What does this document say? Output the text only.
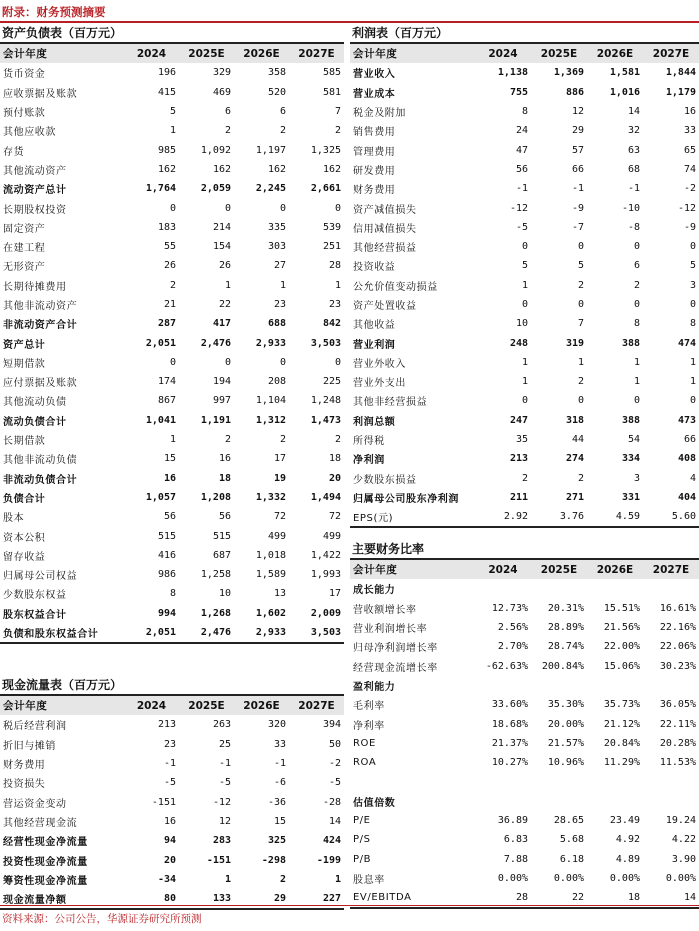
附录：财务预测摘要
资产负债表（百万元）
会计年度	2024	2025E	2026E	2027E
货币资金	196	329	358	585
应收票据及账款	415	469	520	581
预付账款	5	6	6	7
其他应收款	1	2	2	2
存货	985	1,092	1,197	1,325
其他流动资产	162	162	162	162
流动资产总计	1,764	2,059	2,245	2,661
长期股权投资	0	0	0	0
固定资产	183	214	335	539
在建工程	55	154	303	251
无形资产	26	26	27	28
长期待摊费用	2	1	1	1
其他非流动资产	21	22	23	23
非流动资产合计	287	417	688	842
资产总计	2,051	2,476	2,933	3,503
短期借款	0	0	0	0
应付票据及账款	174	194	208	225
其他流动负债	867	997	1,104	1,248
流动负债合计	1,041	1,191	1,312	1,473
长期借款	1	2	2	2
其他非流动负债	15	16	17	18
非流动负债合计	16	18	19	20
负债合计	1,057	1,208	1,332	1,494
股本	56	56	72	72
资本公积	515	515	499	499
留存收益	416	687	1,018	1,422
归属母公司权益	986	1,258	1,589	1,993
少数股东权益	8	10	13	17
股东权益合计	994	1,268	1,602	2,009
负债和股东权益合计	2,051	2,476	2,933	3,503
利润表（百万元）
会计年度	2024	2025E	2026E	2027E
营业收入	1,138	1,369	1,581	1,844
营业成本	755	886	1,016	1,179
税金及附加	8	12	14	16
销售费用	24	29	32	33
管理费用	47	57	63	65
研发费用	56	66	68	74
财务费用	-1	-1	-1	-2
资产减值损失	-12	-9	-10	-12
信用减值损失	-5	-7	-8	-9
其他经营损益	0	0	0	0
投资收益	5	5	6	5
公允价值变动损益	1	2	2	3
资产处置收益	0	0	0	0
其他收益	10	7	8	8
营业利润	248	319	388	474
营业外收入	1	1	1	1
营业外支出	1	2	1	1
其他非经营损益	0	0	0	0
利润总额	247	318	388	473
所得税	35	44	54	66
净利润	213	274	334	408
少数股东损益	2	2	3	4
归属母公司股东净利润	211	271	331	404
EPS(元)	2.92	3.76	4.59	5.60
主要财务比率
会计年度	2024	2025E	2026E	2027E
成长能力				
营收额增长率	12.73%	20.31%	15.51%	16.61%
营业利润增长率	2.56%	28.89%	21.56%	22.16%
归母净利润增长率	2.70%	28.74%	22.00%	22.06%
经营现金流增长率	-62.63%	200.84%	15.06%	30.23%
盈利能力				
毛利率	33.60%	35.30%	35.73%	36.05%
净利率	18.68%	20.00%	21.12%	22.11%
ROE	21.37%	21.57%	20.84%	20.28%
ROA	10.27%	10.96%	11.29%	11.53%

估值倍数				
P/E	36.89	28.65	23.49	19.24
P/S	6.83	5.68	4.92	4.22
P/B	7.88	6.18	4.89	3.90
股息率	0.00%	0.00%	0.00%	0.00%
EV/EBITDA	28	22	18	14
现金流量表（百万元）
会计年度	2024	2025E	2026E	2027E
税后经营利润	213	263	320	394
折旧与摊销	23	25	33	50
财务费用	-1	-1	-1	-2
投资损失	-5	-5	-6	-5
营运资金变动	-151	-12	-36	-28
其他经营现金流	16	12	15	14
经营性现金净流量	94	283	325	424
投资性现金净流量	20	-151	-298	-199
筹资性现金净流量	-34	1	2	1
现金流量净额	80	133	29	227
资料来源：公司公告，华源证券研究所预测
